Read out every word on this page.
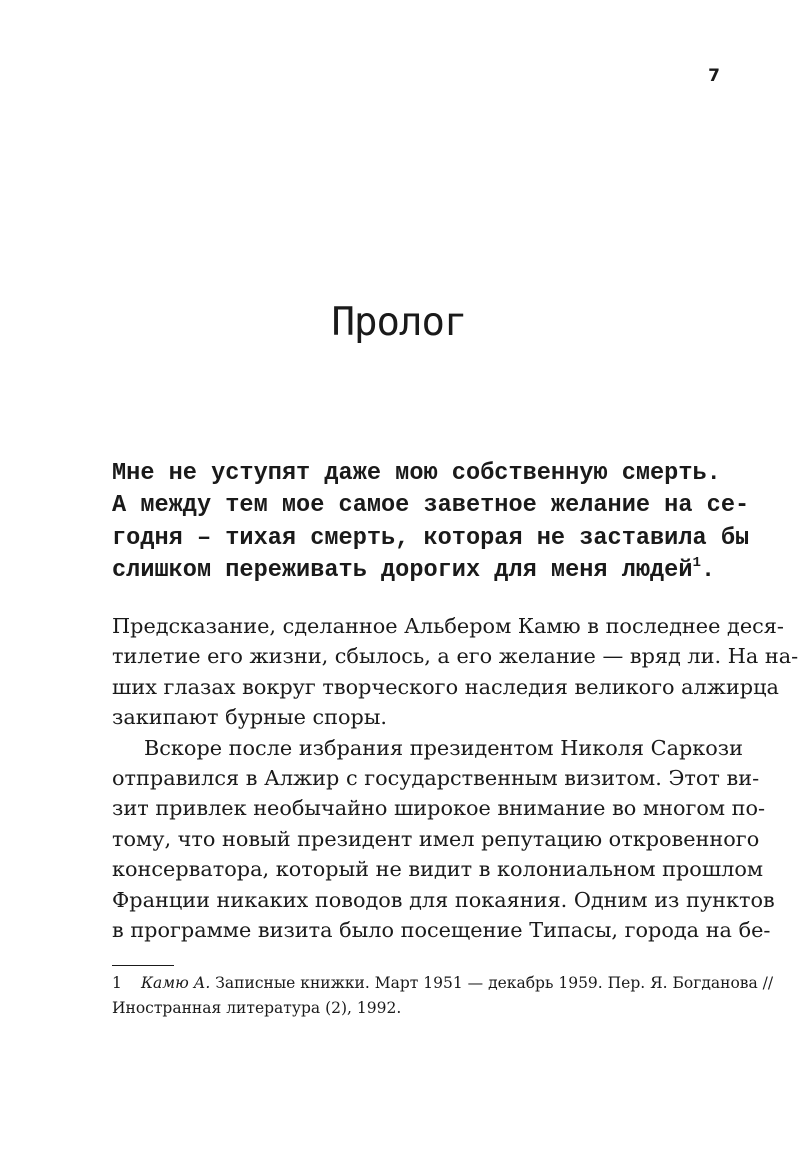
7
Пролог

Мне не уступят даже мою собственную смерть.
А между тем мое самое заветное желание на се-
годня – тихая смерть, которая не заставила бы
слишком переживать дорогих для меня людей$^1$.

Предсказание, сделанное Альбером Камю в последнее деся-
тилетие его жизни, сбылось, а его желание — вряд ли. На на-
ших глазах вокруг творческого наследия великого алжирца
закипают бурные споры.
Вскоре после избрания президентом Николя Саркози
отправился в Алжир с государственным визитом. Этот ви-
зит привлек необычайно широкое внимание во многом по-
тому, что новый президент имел репутацию откровенного
консерватора, который не видит в колониальном прошлом
Франции никаких поводов для покаяния. Одним из пунктов
в программе визита было посещение Типасы, города на бе-
1 Камю А. Записные книжки. Март 1951 — декабрь 1959. Пер. Я. Богданова //
Иностранная литература (2), 1992.
